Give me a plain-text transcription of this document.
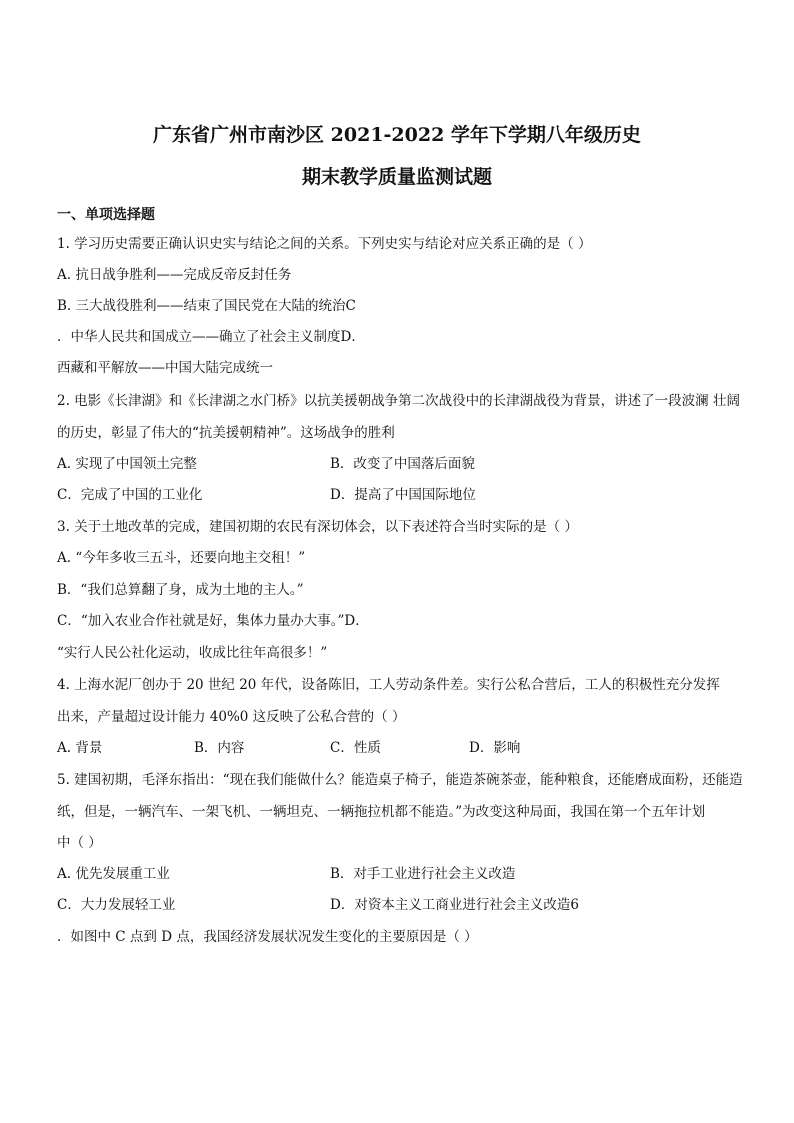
广东省广州市南沙区 2021-2022 学年下学期八年级历史
期末教学质量监测试题
一、单项选择题
1. 学习历史需要正确认识史实与结论之间的关系。下列史实与结论对应关系正确的是（ ）
A. 抗日战争胜利——完成反帝反封任务
B. 三大战役胜利——结束了国民党在大陆的统治C
．中华人民共和国成立——确立了社会主义制度D．
西藏和平解放——中国大陆完成统一
2. 电影《长津湖》和《长津湖之水门桥》以抗美援朝战争第二次战役中的长津湖战役为背景，讲述了一段波澜 壮阔
的历史，彰显了伟大的“抗美援朝精神”。这场战争的胜利
A. 实现了中国领土完整	B．改变了中国落后面貌
C．完成了中国的工业化	D．提高了中国国际地位
3. 关于土地改革的完成，建国初期的农民有深切体会，以下表述符合当时实际的是（ ）
A. “今年多收三五斗，还要向地主交租！”
B．“我们总算翻了身，成为土地的主人。”
C．“加入农业合作社就是好，集体力量办大事。”D．
“实行人民公社化运动，收成比往年高很多！”
4. 上海水泥厂创办于 20 世纪 20 年代，设备陈旧，工人劳动条件差。实行公私合营后，工人的积极性充分发挥
出来，产量超过设计能力 40%0 这反映了公私合营的（ ）
A. 背景	B．内容	C．性质	D．影响
5. 建国初期，毛泽东指出：“现在我们能做什么？能造桌子椅子，能造茶碗茶壶，能种粮食，还能磨成面粉，还能造
纸，但是，一辆汽车、一架飞机、一辆坦克、一辆拖拉机都不能造。”为改变这种局面，我国在第一个五年计划
中（ ）
A. 优先发展重工业	B．对手工业进行社会主义改造
C．大力发展轻工业	D．对资本主义工商业进行社会主义改造6
．如图中 C 点到 D 点，我国经济发展状况发生变化的主要原因是（ ）
